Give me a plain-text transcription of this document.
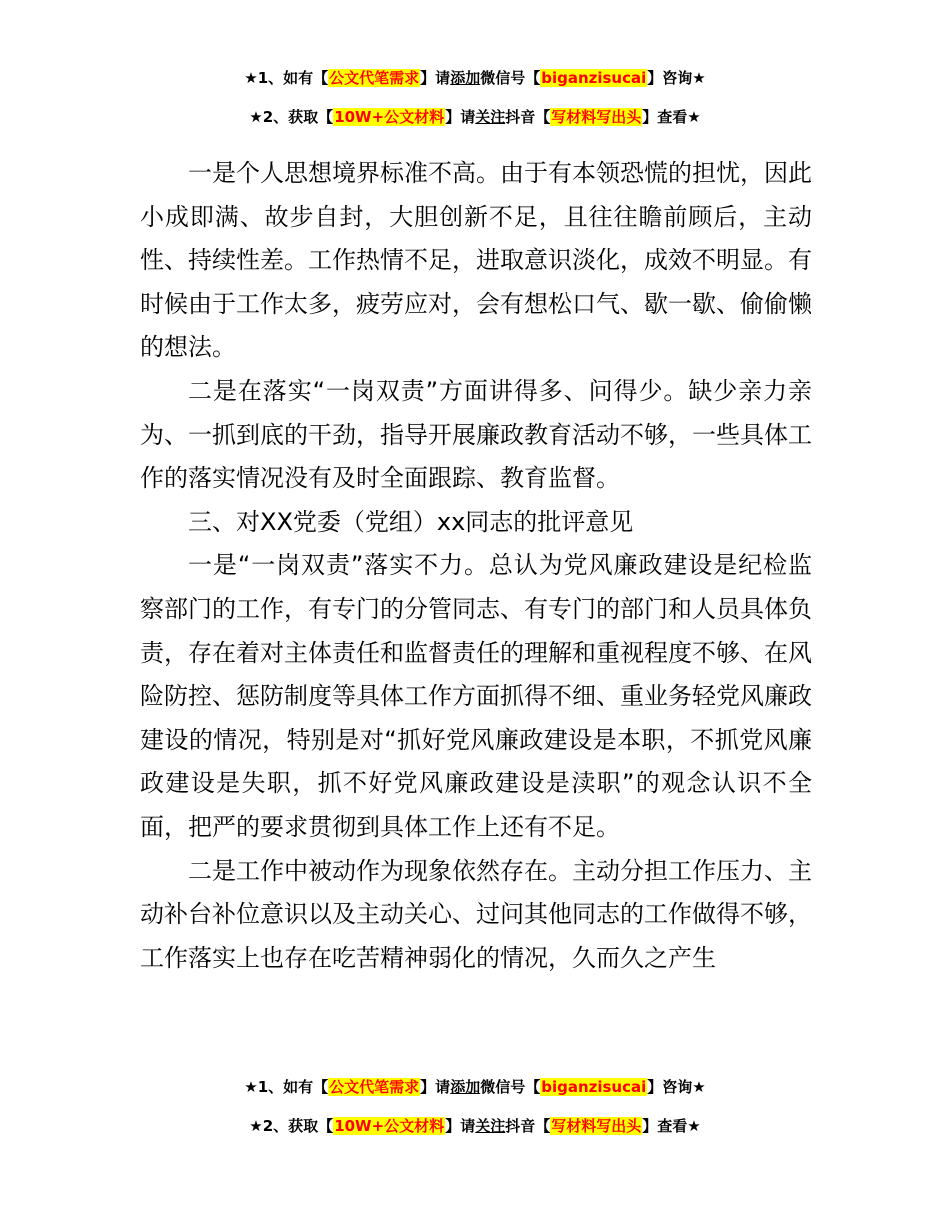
★1、如有【公文代笔需求】请添加微信号【biganzisucai】咨询★
★2、获取【10W+公文材料】请关注抖音【写材料写出头】查看★

一是个人思想境界标准不高。由于有本领恐慌的担忧，因此小成即满、故步自封，大胆创新不足，且往往瞻前顾后，主动性、持续性差。工作热情不足，进取意识淡化，成效不明显。有时候由于工作太多，疲劳应对，会有想松口气、歇一歇、偷偷懒的想法。

二是在落实“一岗双责”方面讲得多、问得少。缺少亲力亲为、一抓到底的干劲，指导开展廉政教育活动不够，一些具体工作的落实情况没有及时全面跟踪、教育监督。

三、对XX党委（党组）xx同志的批评意见

一是“一岗双责”落实不力。总认为党风廉政建设是纪检监察部门的工作，有专门的分管同志、有专门的部门和人员具体负责，存在着对主体责任和监督责任的理解和重视程度不够、在风险防控、惩防制度等具体工作方面抓得不细、重业务轻党风廉政建设的情况，特别是对“抓好党风廉政建设是本职，不抓党风廉政建设是失职，抓不好党风廉政建设是渎职”的观念认识不全面，把严的要求贯彻到具体工作上还有不足。

二是工作中被动作为现象依然存在。主动分担工作压力、主动补台补位意识以及主动关心、过问其他同志的工作做得不够，工作落实上也存在吃苦精神弱化的情况，久而久之产生

★1、如有【公文代笔需求】请添加微信号【biganzisucai】咨询★
★2、获取【10W+公文材料】请关注抖音【写材料写出头】查看★
